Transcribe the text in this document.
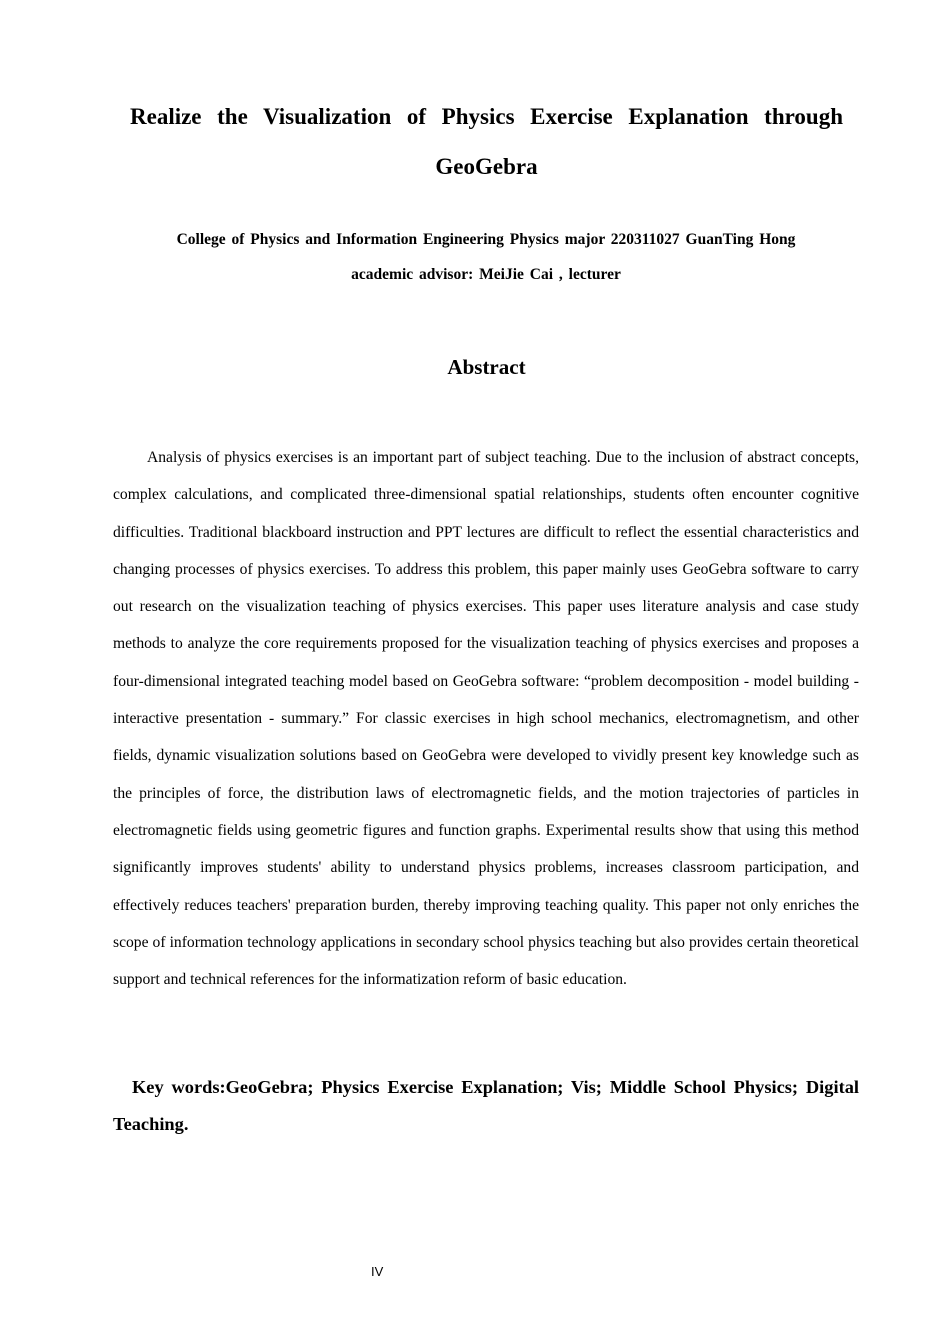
Realize the Visualization of Physics Exercise Explanation through GeoGebra
College of Physics and Information Engineering Physics major 220311027 GuanTing Hong
academic advisor: MeiJie Cai , lecturer
Abstract

Analysis of physics exercises is an important part of subject teaching. Due to the inclusion of abstract concepts, complex calculations, and complicated three-dimensional spatial relationships, students often encounter cognitive difficulties. Traditional blackboard instruction and PPT lectures are difficult to reflect the essential characteristics and changing processes of physics exercises. To address this problem, this paper mainly uses GeoGebra software to carry out research on the visualization teaching of physics exercises. This paper uses literature analysis and case study methods to analyze the core requirements proposed for the visualization teaching of physics exercises and proposes a four-dimensional integrated teaching model based on GeoGebra software: “problem decomposition - model building - interactive presentation - summary.” For classic exercises in high school mechanics, electromagnetism, and other fields, dynamic visualization solutions based on GeoGebra were developed to vividly present key knowledge such as the principles of force, the distribution laws of electromagnetic fields, and the motion trajectories of particles in electromagnetic fields using geometric figures and function graphs. Experimental results show that using this method significantly improves students' ability to understand physics problems, increases classroom participation, and effectively reduces teachers' preparation burden, thereby improving teaching quality. This paper not only enriches the scope of information technology applications in secondary school physics teaching but also provides certain theoretical support and technical references for the informatization reform of basic education.

Key words:GeoGebra; Physics Exercise Explanation; Vis; Middle School Physics; Digital Teaching.

IV
